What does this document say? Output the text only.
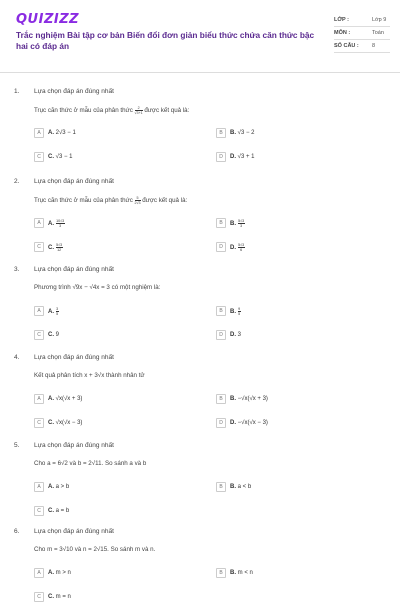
QUIZIZZ
Trắc nghiệm Bài tập cơ bản Biến đổi đơn giản biểu thức chứa căn thức bậc hai có đáp án
LỚP :	Lớp 9
MÔN :	Toán
SỐ CÂU : 8
1. Lựa chọn đáp án đúng nhất
Trục căn thức ở mẫu của phân thức $\frac{2}{√3+1}$ được kết quả là:
A	A. 2√3 − 1	B	B. √3 − 2
C	C. √3 − 1	D	D. √3 + 1
2. Lựa chọn đáp án đúng nhất
Trục căn thức ở mẫu của phân thức $\frac{5}{2√3}$ được kết quả là:
A	A. $\frac{10√3}{3}$	B	B. $\frac{5√3}{3}$
C	C. $\frac{5√3}{12}$	D	D. $\frac{5√3}{6}$
3. Lựa chọn đáp án đúng nhất
Phương trình √9x − √4x = 3 có một nghiệm là:
A	A. $\frac{3}{5}$	B	B. $\frac{9}{5}$
C	C. 9	D	D. 3
4. Lựa chọn đáp án đúng nhất
Kết quả phân tích x + 3√x thành nhân tử
A	A. √x(√x + 3)	B	B. −√x(√x + 3)
C	C. √x(√x − 3)	D	D. −√x(√x − 3)
5. Lựa chọn đáp án đúng nhất
Cho a = 6√2 và b = 2√11. So sánh a và b
A	A. a > b	B	B. a < b
C	C. a = b
6. Lựa chọn đáp án đúng nhất
Cho m = 3√10 và n = 2√15. So sánh m và n.
A	A. m > n	B	B. m < n
C	C. m = n
